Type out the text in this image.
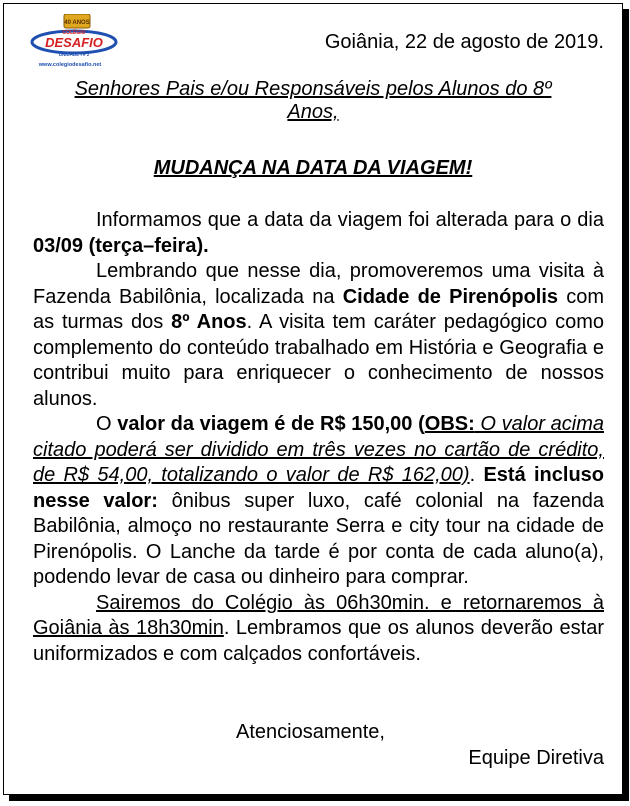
40 ANOS
COLÉGIO
DESAFIO
UNIDADE I e 2
www.colegiodesafio.net
Goiânia, 22 de agosto de 2019.
Senhores Pais e/ou Responsáveis pelos Alunos do 8º
Anos,
MUDANÇA NA DATA DA VIAGEM!

Informamos que a data da viagem foi alterada para o dia 03/09 (terça–feira).

Lembrando que nesse dia, promoveremos uma visita à Fazenda Babilônia, localizada na Cidade de Pirenópolis com as turmas dos 8º Anos. A visita tem caráter pedagógico como complemento do conteúdo trabalhado em História e Geografia e contribui muito para enriquecer o conhecimento de nossos alunos.

O valor da viagem é de R$ 150,00 (OBS: O valor acima citado poderá ser dividido em três vezes no cartão de crédito, de R$ 54,00, totalizando o valor de R$ 162,00). Está incluso nesse valor: ônibus super luxo, café colonial na fazenda Babilônia, almoço no restaurante Serra e city tour na cidade de Pirenópolis. O Lanche da tarde é por conta de cada aluno(a), podendo levar de casa ou dinheiro para comprar.

Sairemos do Colégio às 06h30min. e retornaremos à Goiânia às 18h30min. Lembramos que os alunos deverão estar uniformizados e com calçados confortáveis.

Atenciosamente,
Equipe Diretiva
